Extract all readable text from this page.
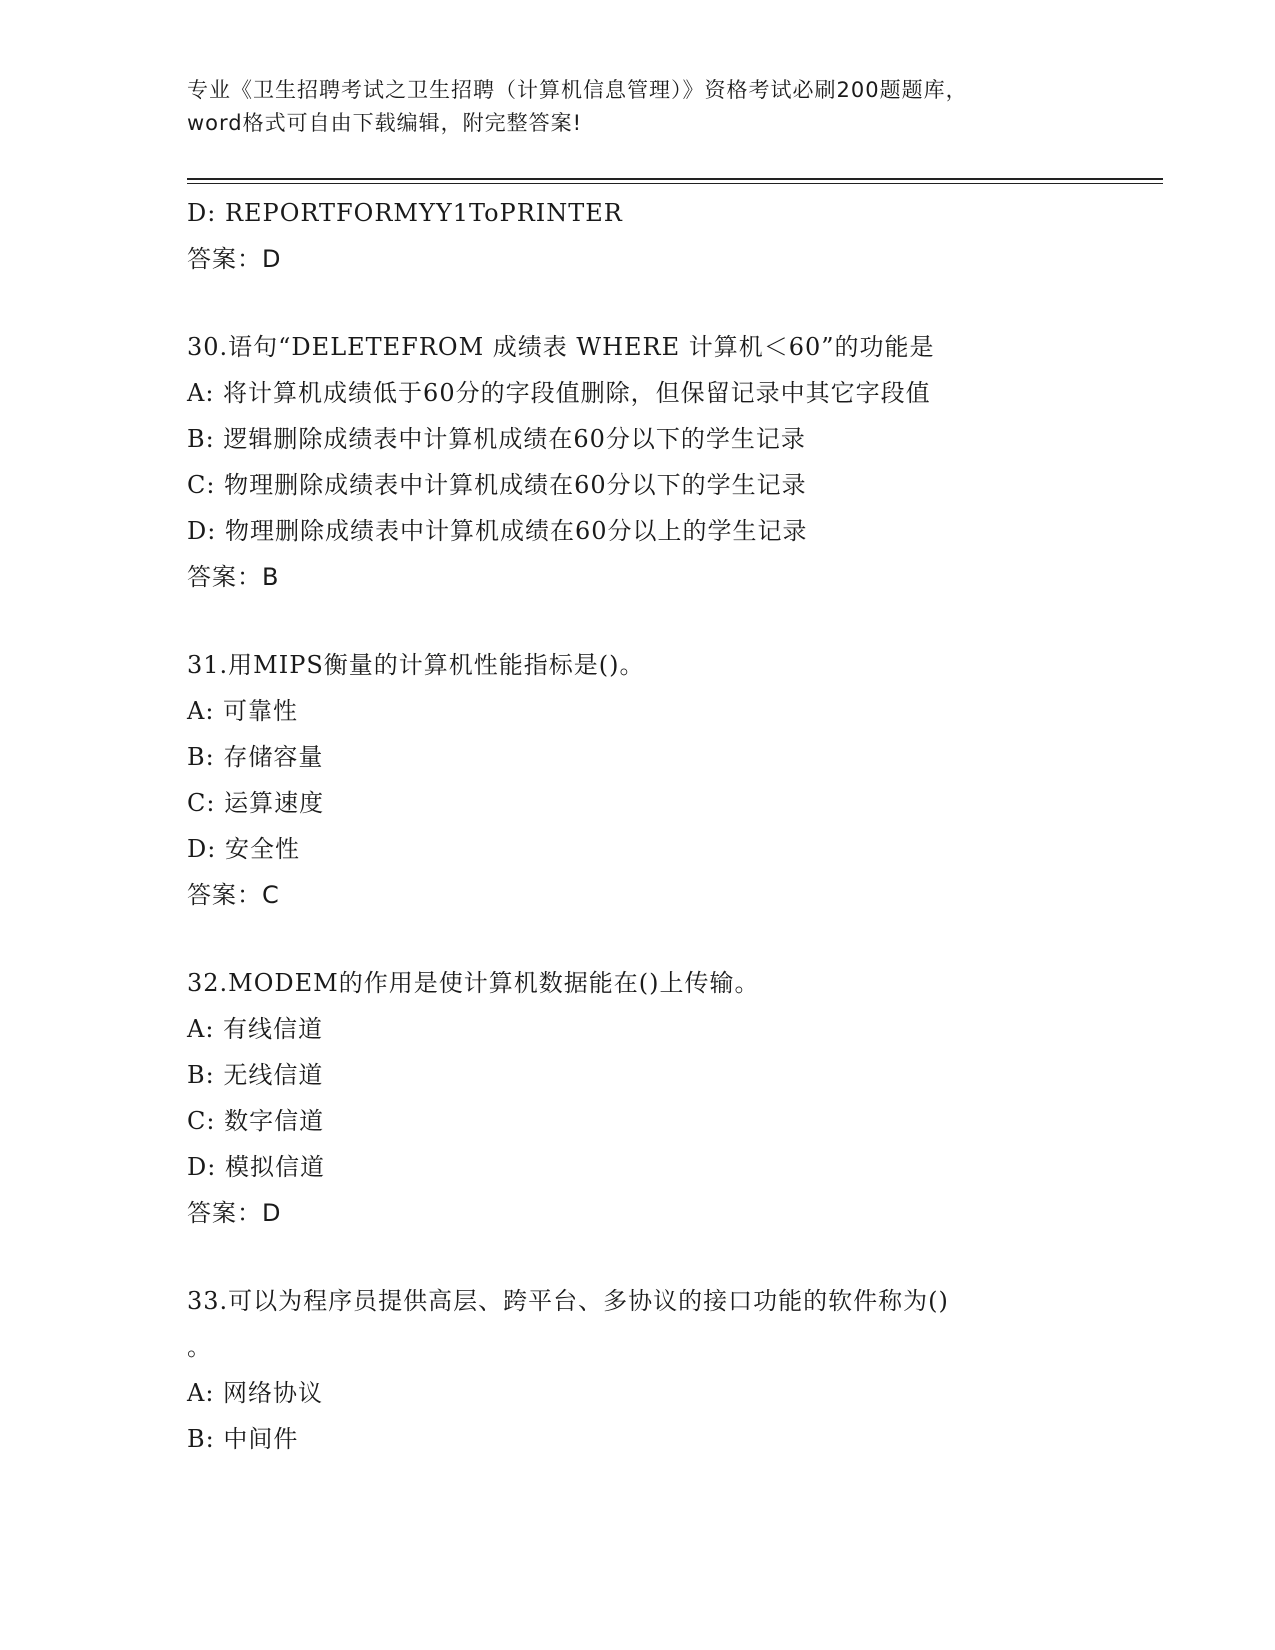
专业《卫生招聘考试之卫生招聘（计算机信息管理）》资格考试必刷200题题库，
word格式可自由下载编辑，附完整答案!
D: REPORTFORMYY1ToPRINTER
答案：D
30.语句“DELETEFROM 成绩表 WHERE 计算机＜60”的功能是
A: 将计算机成绩低于60分的字段值删除，但保留记录中其它字段值
B: 逻辑删除成绩表中计算机成绩在60分以下的学生记录
C: 物理删除成绩表中计算机成绩在60分以下的学生记录
D: 物理删除成绩表中计算机成绩在60分以上的学生记录
答案：B
31.用MIPS衡量的计算机性能指标是()。
A: 可靠性
B: 存储容量
C: 运算速度
D: 安全性
答案：C
32.MODEM的作用是使计算机数据能在()上传输。
A: 有线信道
B: 无线信道
C: 数字信道
D: 模拟信道
答案：D
33.可以为程序员提供高层、跨平台、多协议的接口功能的软件称为()
。
A: 网络协议
B: 中间件
